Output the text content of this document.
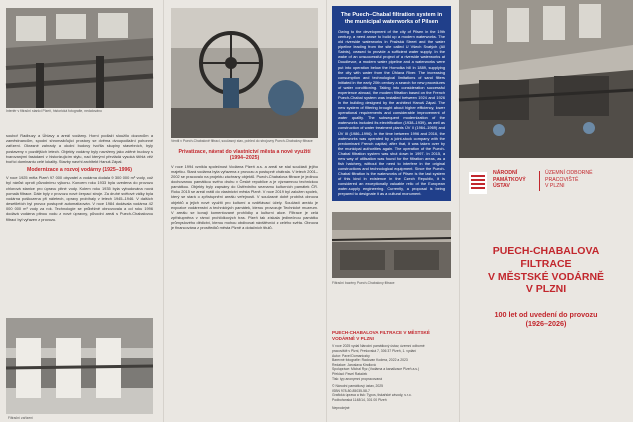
Interiér v filtrační stanici Plzeň, historická fotografie, nedatováno

souboř Radbuzy a Úhlavy a areál vodárny. Horní podlaží sloužilo dozorcům a zaměstnancům, spodní shromažďující prostory se dvěma dvoupodlažní pohonné zařízení. Okrasné zahrady a okolní budovy tvořila skupiny stavebních, byly postaveny v pozdějších letech. Objekty vodárny byly navrženy jako zděné budovy s tvarovanými fasádami v historizujícím stylu, nad kterými převládá vysoká štíhlá věž tvořící dominantu celé lokality. Stavby navrhl architekt Hanuš Zápal.

Modernizace a rozvoj vodárny (1925–1996)

V roce 1925 měla Plzeň 97 000 obyvatel a vodárna dodala 9 300 000 m³ vody, což byl nárůst oproti původnímu výkonu. Koncem roku 1933 byla uvedena do provozu chlorová stanice pro úpravu pitné vody. Kolem roku 1935 byla vybudována nová pomalá filtrace. Dále byly v provozu nové čerpací stroje. Za druhé světové války byla vodárna poškozena při náletech, opravy probíhaly v letech 1945–1946. V dalších desetiletích byl provoz postupně automatizován. V roce 1984 dodávala vodárna 42 000 000 m³ vody za rok. Technologie se průběžně obnovovala a od roku 1996 dodává vodárna pitnou vodu z nové úpravny, původní areál s Puech-Chabalovou filtrací byl vyřazen z provozu.

Filtrační zařízení
Ventil v Puech-Chabalově filtraci, současný stav, pohled do strojovny Puech-Chabalovy filtrace
Privatizace, návrat do vlastnictví města a nové využití (1994–2025)

V roce 1994 vznikla společnost Vodárna Plzeň a.s. a areál se stal součástí jejího majetku. Stará vodárna byla vyřazena z provozu a postupně chátrala. V letech 2001–2002 se pracovalo na projektu záchrany objektů. Puech-Chabalova filtrace je jedinou dochovanou památkou svého druhu v České republice a je významnou technickou památkou. Objekty byly zapsány do Ústředního seznamu kulturních památek ČR. Roku 2015 se areál vrátil do vlastnictví města Plzně. V roce 2019 byl založen spolek, který se stará o zpřístupnění areálu veřejnosti. V současné době probíhá obnova objektů a jejich nové využití pro kulturní a vzdělávací účely. Součástí areálu je expozice vodárenství a technických památek, kterou provozuje Technické muzeum. V areálu se konají komentované prohlídky a kulturní akce. Filtrace je celá zpřístupněna v rámci prohlídkových tras. Plzeň tak získala jedinečnou památku průmyslového dědictví, kterou mohou obdivovat návštěvníci z celého světa. Obnova je financována z prostředků města Plzně a dotačních titulů.

The Puech–Chabal filtration system in the municipal waterworks of Pilsen

Owing to the development of the city of Pilsen in the 19th century, a need arose to build up a modern waterworks. The old riverside waterworks in Pražská Street and the water pipeline leading from the site called U Všech Svatých (All Saints), ceased to provide a sufficient water supply. In the wake of an unsuccessful project of a riverside waterworks at Doudlevce, a modern water pipeline and a waterworks were put into operation below the Homolka hill in 1889, supplying the city with water from the Úhlava River. The increasing consumption and technological limitations of sand filters initiated in the early 20th century a search for new procedures of water conditioning. Taking into consideration successful experience abroad, the modern filtration based on the French Puech-Chabal system was installed between 1924 and 1926 in the building designed by the architect Hanuš Zápal. The new system of filtering brought about higher efficiency, lower operational requirements and considerable improvement of water quality. The subsequent modernization of the waterworks included its electrification (1938–1939), as well as construction of water treatment plants ÚV II (1964–1969) and ÚV III (1986–1996). In the time between 1996 and 2016, the waterworks was operated by a joint-stock company with the predominant French capital; after that, it was taken over by the municipal authorities again. The operation of the Puech-Chabal filtration system was shut down in 1997. In 2015, a new way of utilisation was found for the filtration areas, as a fish hatchery, without the need to interfere in the original constructions and technological equipment. Since the Puech-Chabal filtration is the waterworks of Pilsen is the last system of this kind in existence in the Czech Republic, it is considered an exceptionally valuable relic of the European water-supply engineering. Currently, a proposal is being prepared to designate it as a cultural monument.

Filtrační bazény Puech-Chabalovy filtrace
NÁRODNÍ
PAMÁTKOVÝ
ÚSTAV
ÚZEMNÍ ODBORNÉ
PRACOVIŠTĚ
V PLZNI
PUECH-CHABALOVA
FILTRACE
V MĚSTSKÉ VODÁRNĚ
V PLZNI
100 let od uvedení do provozu
(1926–2026)
PUECH-CHABALOVA FILTRACE V MĚSTSKÉ VODÁRNĚ V PLZNI
V roce 2025 vydal Národní památkový ústav, územní odborné
pracoviště v Plzni, Prešovská 7, 306 37 Plzeň, 1. vydání
Autor: Pavel Domaniczky
Barevné fotografie: Radovan Kodera, 2022 a 2023
Redakce: Jaroslava Kindlová
Spolupráce: Michal Ryz (Vodárna a kanalizace Plzeň a.s.)
Překlad: Pavel Rataček
Tisk: typ anonymní propracovaná
© Národní památkový ústav, 2025
ISBN 978-80-85035-58-7
Grafická úprava a tisk: Typos, tiskařské závody, s.r.o.
Podbořanská 1148/14, 301 00 Plzeň
Neprodejné
